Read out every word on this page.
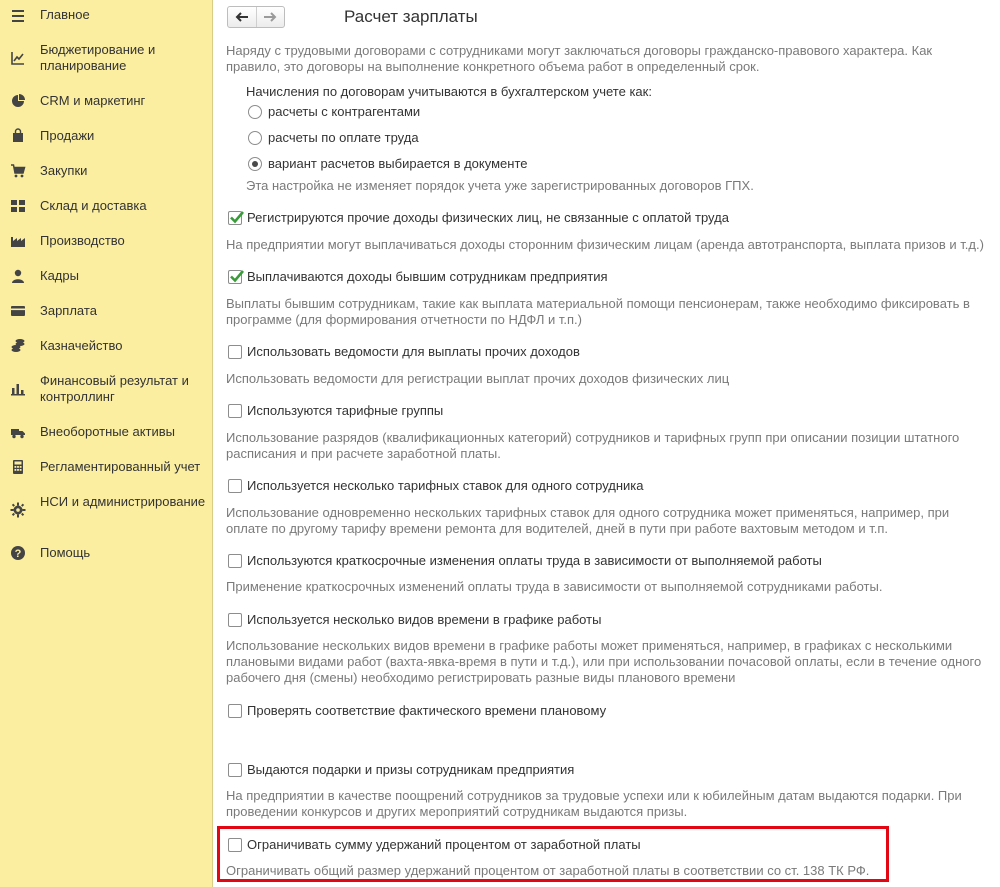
Главное
Бюджетирование и планирование
CRM и маркетинг
Продажи
Закупки
Склад и доставка
Производство
Кадры
Зарплата
Казначейство
Финансовый результат и контроллинг
Внеоборотные активы
Регламентированный учет
НСИ и администрирование
? Помощь
Расчет зарплаты
Наряду с трудовыми договорами с сотрудниками могут заключаться договоры гражданско-правового характера. Как правило, это договоры на выполнение конкретного объема работ в определенный срок.
Начисления по договорам учитываются в бухгалтерском учете как:
расчеты с контрагентами
расчеты по оплате труда
вариант расчетов выбирается в документе
Эта настройка не изменяет порядок учета уже зарегистрированных договоров ГПХ.
Регистрируются прочие доходы физических лиц, не связанные с оплатой труда
На предприятии могут выплачиваться доходы сторонним физическим лицам (аренда автотранспорта, выплата призов и т.д.)
Выплачиваются доходы бывшим сотрудникам предприятия
Выплаты бывшим сотрудникам, такие как выплата материальной помощи пенсионерам, также необходимо фиксировать в программе (для формирования отчетности по НДФЛ и т.п.)
Использовать ведомости для выплаты прочих доходов
Использовать ведомости для регистрации выплат прочих доходов физических лиц
Используются тарифные группы
Использование разрядов (квалификационных категорий) сотрудников и тарифных групп при описании позиции штатного расписания и при расчете заработной платы.
Используется несколько тарифных ставок для одного сотрудника
Использование одновременно нескольких тарифных ставок для одного сотрудника может применяться, например, при оплате по другому тарифу времени ремонта для водителей, дней в пути при работе вахтовым методом и т.п.
Используются краткосрочные изменения оплаты труда в зависимости от выполняемой работы
Применение краткосрочных изменений оплаты труда в зависимости от выполняемой сотрудниками работы.
Используется несколько видов времени в графике работы
Использование нескольких видов времени в графике работы может применяться, например, в графиках с несколькими плановыми видами работ (вахта-явка-время в пути и т.д.), или при использовании почасовой оплаты, если в течение одного рабочего дня (смены) необходимо регистрировать разные виды планового времени
Проверять соответствие фактического времени плановому
Выдаются подарки и призы сотрудникам предприятия
На предприятии в качестве поощрений сотрудников за трудовые успехи или к юбилейным датам выдаются подарки. При проведении конкурсов и других мероприятий сотрудникам выдаются призы.
Ограничивать сумму удержаний процентом от заработной платы
Ограничивать общий размер удержаний процентом от заработной платы в соответствии со ст. 138 ТК РФ.
